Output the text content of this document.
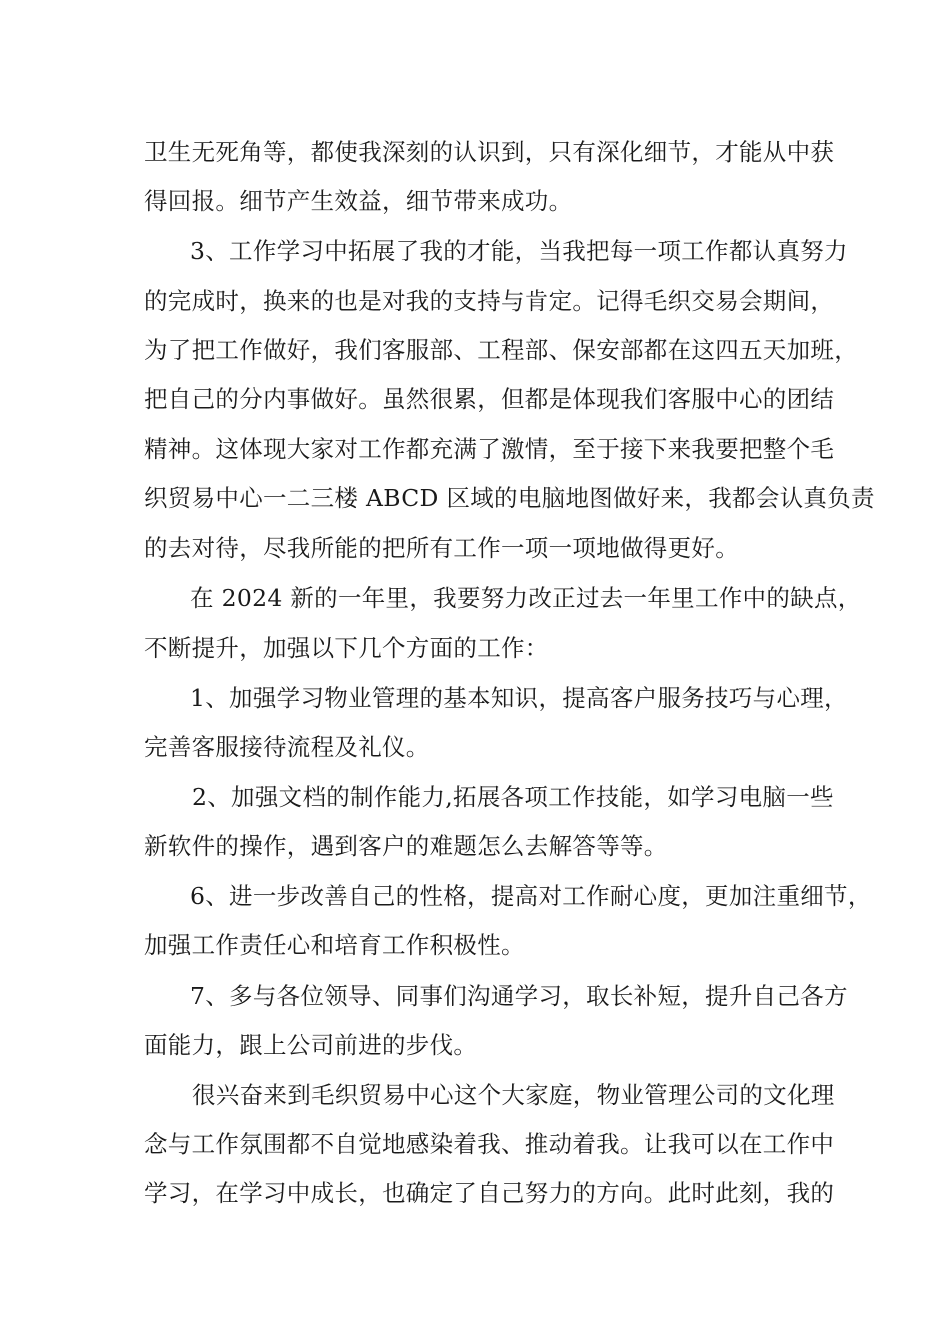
卫生无死角等，都使我深刻的认识到，只有深化细节，才能从中获
得回报。细节产生效益，细节带来成功。
3、工作学习中拓展了我的才能，当我把每一项工作都认真努力
的完成时，换来的也是对我的支持与肯定。记得毛织交易会期间，
为了把工作做好，我们客服部、工程部、保安部都在这四五天加班，
把自己的分内事做好。虽然很累，但都是体现我们客服中心的团结
精神。这体现大家对工作都充满了激情，至于接下来我要把整个毛
织贸易中心一二三楼 ABCD 区域的电脑地图做好来，我都会认真负责
的去对待，尽我所能的把所有工作一项一项地做得更好。
在 2024 新的一年里，我要努力改正过去一年里工作中的缺点，
不断提升，加强以下几个方面的工作：
1、加强学习物业管理的基本知识，提高客户服务技巧与心理，
完善客服接待流程及礼仪。
2、加强文档的制作能力,拓展各项工作技能，如学习电脑一些
新软件的操作，遇到客户的难题怎么去解答等等。
6、进一步改善自己的性格，提高对工作耐心度，更加注重细节，
加强工作责任心和培育工作积极性。
7、多与各位领导、同事们沟通学习，取长补短，提升自己各方
面能力，跟上公司前进的步伐。
很兴奋来到毛织贸易中心这个大家庭，物业管理公司的文化理
念与工作氛围都不自觉地感染着我、推动着我。让我可以在工作中
学习，在学习中成长，也确定了自己努力的方向。此时此刻，我的
